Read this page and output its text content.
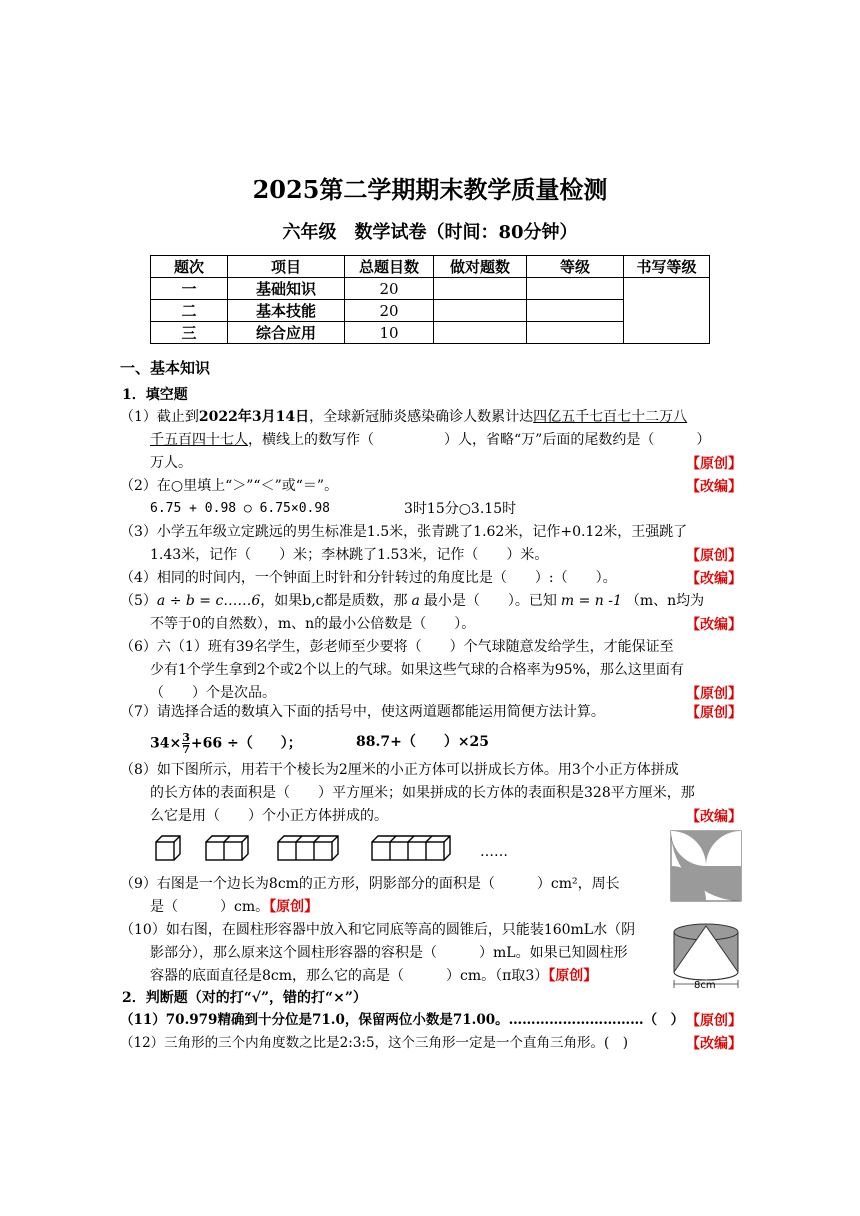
2025第二学期期末教学质量检测
六年级　数学试卷（时间：80分钟）
题次	项目	总题目数	做对题数	等级	书写等级
一	基础知识	20			
二	基本技能	20			
三	综合应用	10			
一、基本知识
1．填空题
（1）截止到2022年3月14日，全球新冠肺炎感染确诊人数累计达四亿五千七百七十二万八
千五百四十七人，横线上的数写作（　　　　　）人，省略“万”后面的尾数约是（　　　）
万人。	【原创】
（2）在○里填上“＞”“＜”或“＝”。	【改编】
6.75 + 0.98 ○ 6.75×0.98	3时15分○3.15时
（3）小学五年级立定跳远的男生标准是1.5米，张青跳了1.62米，记作+0.12米，王强跳了
1.43米，记作（　　）米；李林跳了1.53米，记作（　　）米。	【原创】
（4）相同的时间内，一个钟面上时针和分针转过的角度比是（　　）:（　　）。	【改编】
（5）a ÷ b = c……6，如果b,c都是质数，那 a 最小是（　　）。已知 m = n -1 （m、n均为
不等于0的自然数），m、n的最小公倍数是（　　）。	【改编】
（6）六（1）班有39名学生，彭老师至少要将（　　）个气球随意发给学生，才能保证至
少有1个学生拿到2个或2个以上的气球。如果这些气球的合格率为95%，那么这里面有
（　　）个是次品。	【原创】
（7）请选择合适的数填入下面的括号中，使这两道题都能运用简便方法计算。	【原创】
$34\times \frac{3}{7} +66$ ÷（　　）；	88.7+（　　）×25
（8）如下图所示，用若干个棱长为2厘米的小正方体可以拼成长方体。用3个小正方体拼成
的长方体的表面积是（　　）平方厘米；如果拼成的长方体的表面积是328平方厘米，那
么它是用（　　）个小正方体拼成的。	【改编】
……
（9）右图是一个边长为8cm的正方形，阴影部分的面积是（　　　）cm²，周长
是（　　　）cm。【原创】
8cm
（10）如右图，在圆柱形容器中放入和它同底等高的圆锥后，只能装160mL水（阴
影部分），那么原来这个圆柱形容器的容积是（　　　）mL。如果已知圆柱形
容器的底面直径是8cm，那么它的高是（　　　）cm。（π取3）【原创】
2．判断题（对的打“√”，错的打“×”）
（11）70.979精确到十分位是71.0，保留两位小数是71.00。…………………………（　） 【原创】
（12）三角形的三个内角度数之比是2:3:5，这个三角形一定是一个直角三角形。(　)	【改编】
